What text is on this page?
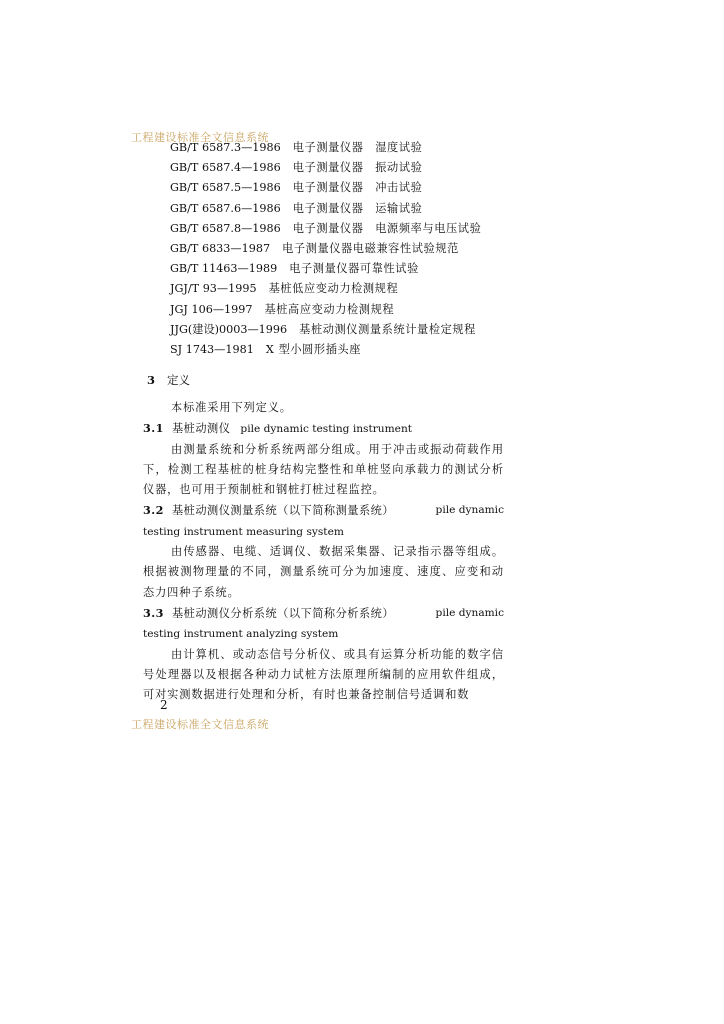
工程建设标准全文信息系统
GB/T 6587.3—1986 电子测量仪器　湿度试验
GB/T 6587.4—1986 电子测量仪器　振动试验
GB/T 6587.5—1986 电子测量仪器　冲击试验
GB/T 6587.6—1986 电子测量仪器　运输试验
GB/T 6587.8—1986 电子测量仪器　电源频率与电压试验
GB/T 6833—1987 电子测量仪器电磁兼容性试验规范
GB/T 11463—1989 电子测量仪器可靠性试验
JGJ/T 93—1995 基桩低应变动力检测规程
JGJ 106—1997 基桩高应变动力检测规程
JJG(建设)0003—1996 基桩动测仪测量系统计量检定规程
SJ 1743—1981 X 型小圆形插头座
3 定义

本标准采用下列定义。

3.1 基桩动测仪 pile dynamic testing instrument

由测量系统和分析系统两部分组成。用于冲击或振动荷载作用下，检测工程基桩的桩身结构完整性和单桩竖向承载力的测试分析仪器，也可用于预制桩和钢桩打桩过程监控。

3.2 基桩动测仪测量系统（以下简称测量系统）	pile dynamic

testing instrument measuring system

由传感器、电缆、适调仪、数据采集器、记录指示器等组成。根据被测物理量的不同，测量系统可分为加速度、速度、应变和动态力四种子系统。

3.3 基桩动测仪分析系统（以下简称分析系统）	pile dynamic

testing instrument analyzing system

由计算机、或动态信号分析仪、或具有运算分析功能的数字信号处理器以及根据各种动力试桩方法原理所编制的应用软件组成，可对实测数据进行处理和分析，有时也兼备控制信号适调和数

2
工程建设标准全文信息系统
